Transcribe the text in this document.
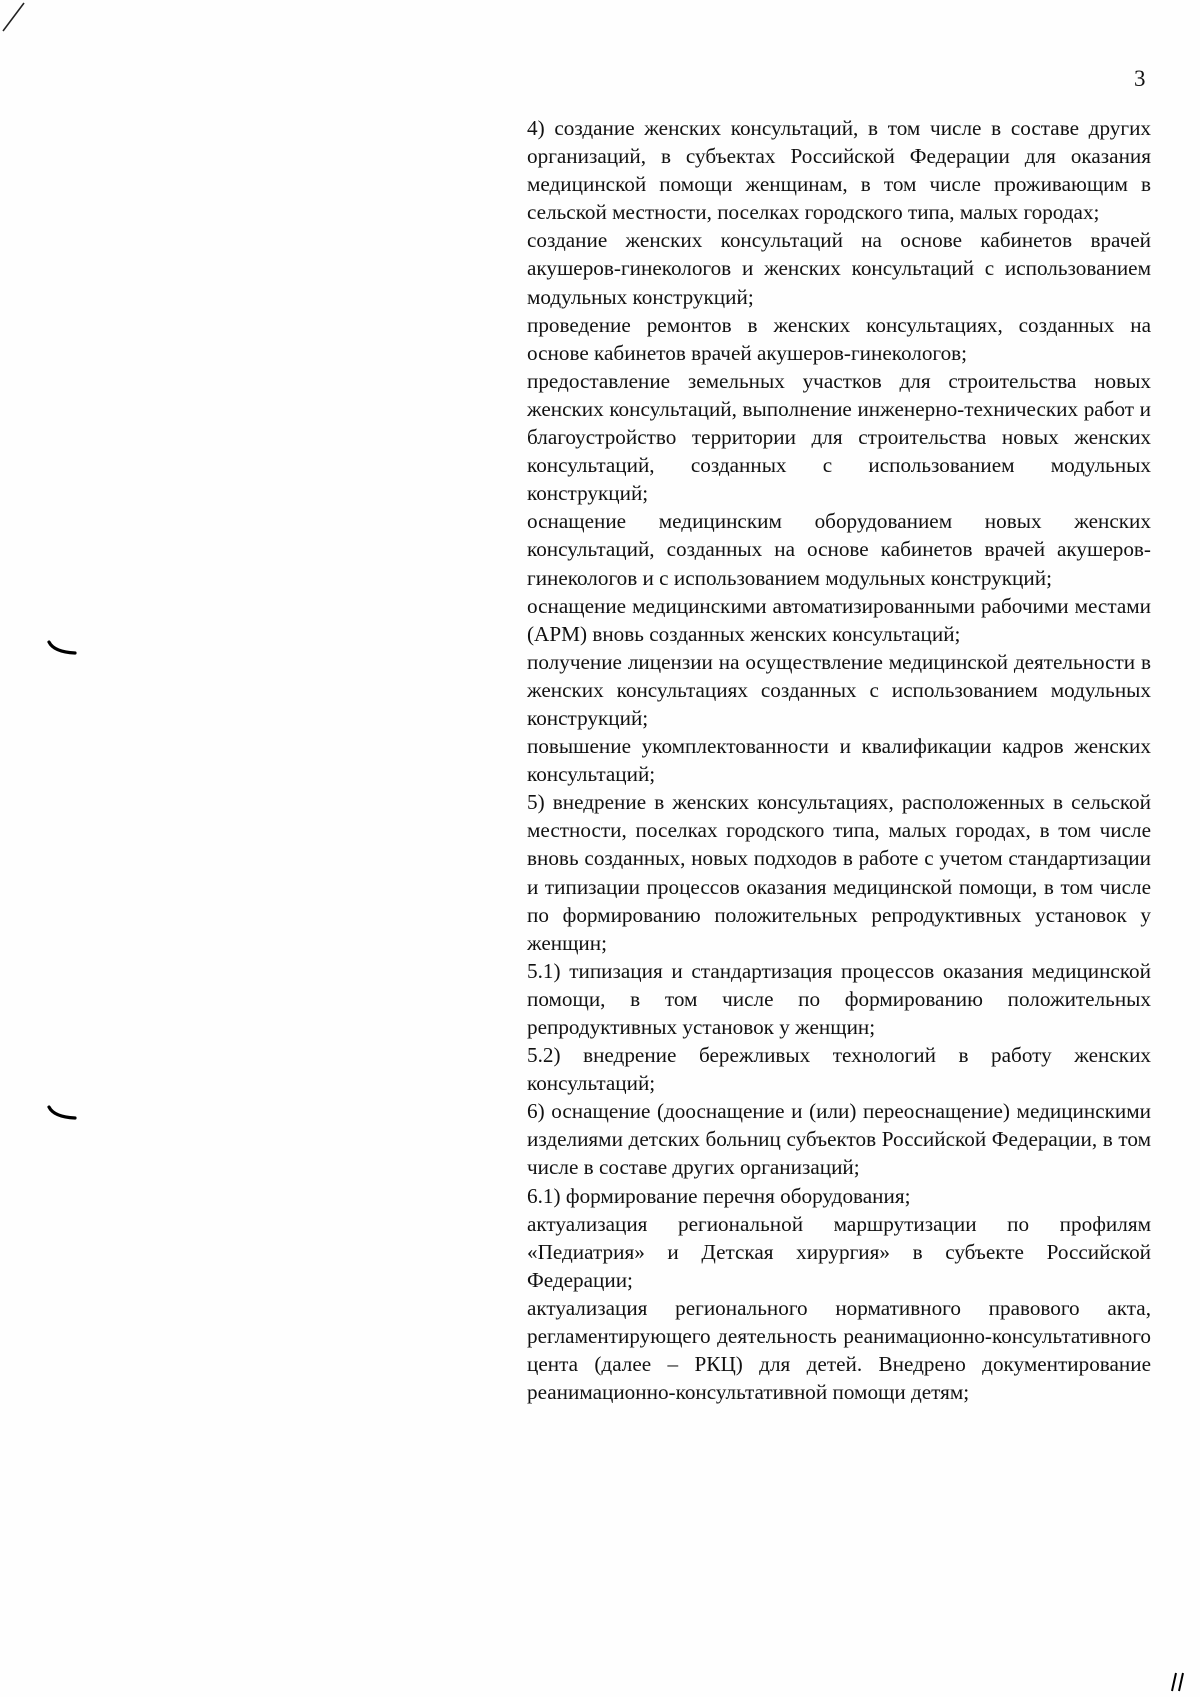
3

4) создание женских консультаций, в том числе в составе других организаций, в субъектах Российской Федерации для оказания медицинской помощи женщинам, в том числе проживающим в сельской местности, поселках городского типа, малых городах;

создание женских консультаций на основе кабинетов врачей акушеров-гинекологов и женских консультаций с использованием модульных конструкций;

проведение ремонтов в женских консультациях, созданных на основе кабинетов врачей акушеров-гинекологов;

предоставление земельных участков для строительства новых женских консультаций, выполнение инженерно-технических работ и благоустройство территории для строительства новых женских консультаций, созданных с использованием модульных конструкций;

оснащение медицинским оборудованием новых женских консультаций, созданных на основе кабинетов врачей акушеров-гинекологов и с использованием модульных конструкций;

оснащение медицинскими автоматизированными рабочими местами (АРМ) вновь созданных женских консультаций;

получение лицензии на осуществление медицинской деятельности в женских консультациях созданных с использованием модульных конструкций;

повышение укомплектованности и квалификации кадров женских консультаций;

5) внедрение в женских консультациях, расположенных в сельской местности, поселках городского типа, малых городах, в том числе вновь созданных, новых подходов в работе с учетом стандартизации и типизации процессов оказания медицинской помощи, в том числе по формированию положительных репродуктивных установок у женщин;

5.1) типизация и стандартизация процессов оказания медицинской помощи, в том числе по формированию положительных репродуктивных установок у женщин;

5.2) внедрение бережливых технологий в работу женских консультаций;

6) оснащение (дооснащение и (или) переоснащение) медицинскими изделиями детских больниц субъектов Российской Федерации, в том числе в составе других организаций;

6.1) формирование перечня оборудования;

актуализация региональной маршрутизации по профилям «Педиатрия» и Детская хирургия» в субъекте Российской Федерации;

актуализация регионального нормативного правового акта, регламентирующего деятельность реанимационно-консультативного цента (далее – РКЦ) для детей. Внедрено документирование реанимационно-консультативной помощи детям;
